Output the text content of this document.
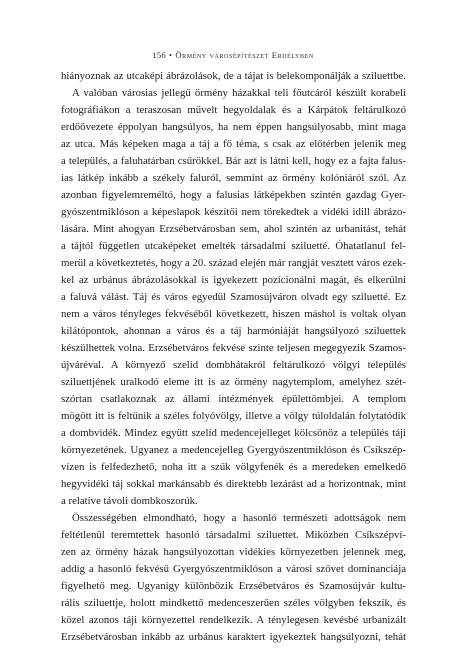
156 • Örmény városépítészet Erdélyben
hiányoznak az utcaképi ábrázolások, de a tájat is belekomponálják a sziluettbe.
A valóban városias jellegű örmény házakkal teli főutcáról készült korabeli
fotográfiákon a teraszosan művelt hegyoldalak és a Kárpátok feltárulkozó
erdőövezete éppolyan hangsúlyos, ha nem éppen hangsúlyosabb, mint maga
az utca. Más képeken maga a táj a fő téma, s csak az előtérben jelenik meg
a település, a faluhatárban csűrökkel. Bár azt is látni kell, hogy ez a fajta falus-
ias látkép inkább a székely faluról, semmint az örmény kolóniáról szól. Az
azonban figyelemreméltó, hogy a falusias látképekben szintén gazdag Gyer-
gyószentmiklóson a képeslapok készítői nem törekedtek a vidéki idill ábrázo-
lására. Mint ahogyan Erzsébetvárosban sem, ahol szintén az urbanitást, tehát
a tájtól független utcaképeket emelték társadalmi sziluetté. Óhatatlanul fel-
merül a következtetés, hogy a 20. század elején már rangját vesztett város ezek-
kel az urbánus ábrázolásokkal is igyekezett pozícionálni magát, és elkerülni
a faluvá válást. Táj és város egyedül Szamosújváron olvadt egy sziluetté. Ez
nem a város tényleges fekvéséből következett, hiszen máshol is voltak olyan
kilátópontok, ahonnan a város és a táj harmóniáját hangsúlyozó sziluettek
készülhettek volna. Erzsébetváros fekvése szinte teljesen megegyezik Szamos-
újváréval. A környező szelíd dombhátakról feltárulkozó völgyi település
sziluettjének uralkodó eleme itt is az örmény nagytemplom, amelyhez szét-
szórtan csatlakoznak az állami intézmények épülettömbjei. A templom
mögött itt is feltűnik a széles folyóvölgy, illetve a völgy túloldalán folytatódik
a dombvidék. Mindez együtt szelíd medencejelleget kölcsönöz a település táji
környezetének. Ugyanez a medencejelleg Gyergyószentmiklóson és Csíkszép-
vízen is felfedezhető, noha itt a szűk völgyfenék és a meredeken emelkedő
hegyvidéki táj sokkal markánsabb és direktebb lezárást ad a horizontnak, mint
a relatíve távoli dombkoszorúk.
Összességében elmondható, hogy a hasonló természeti adottságok nem
feltétlenül teremtettek hasonló társadalmi sziluettet. Miközben Csíkszépví-
zen az örmény házak hangsúlyozottan vidékies környezetben jelennek meg,
addig a hasonló fekvésű Gyergyószentmiklóson a városi szövet dominanciája
figyelhető meg. Ugyanígy különbözik Erzsébetváros és Szamosújvár kultu-
rális sziluettje, holott mindkettő medenceszerűen széles völgyben fekszik, és
közel azonos táji környezettel rendelkezik. A ténylegesen kevésbé urbanizált
Erzsébetvárosban inkább az urbánus karaktert igyekeztek hangsúlyozni, tehát
